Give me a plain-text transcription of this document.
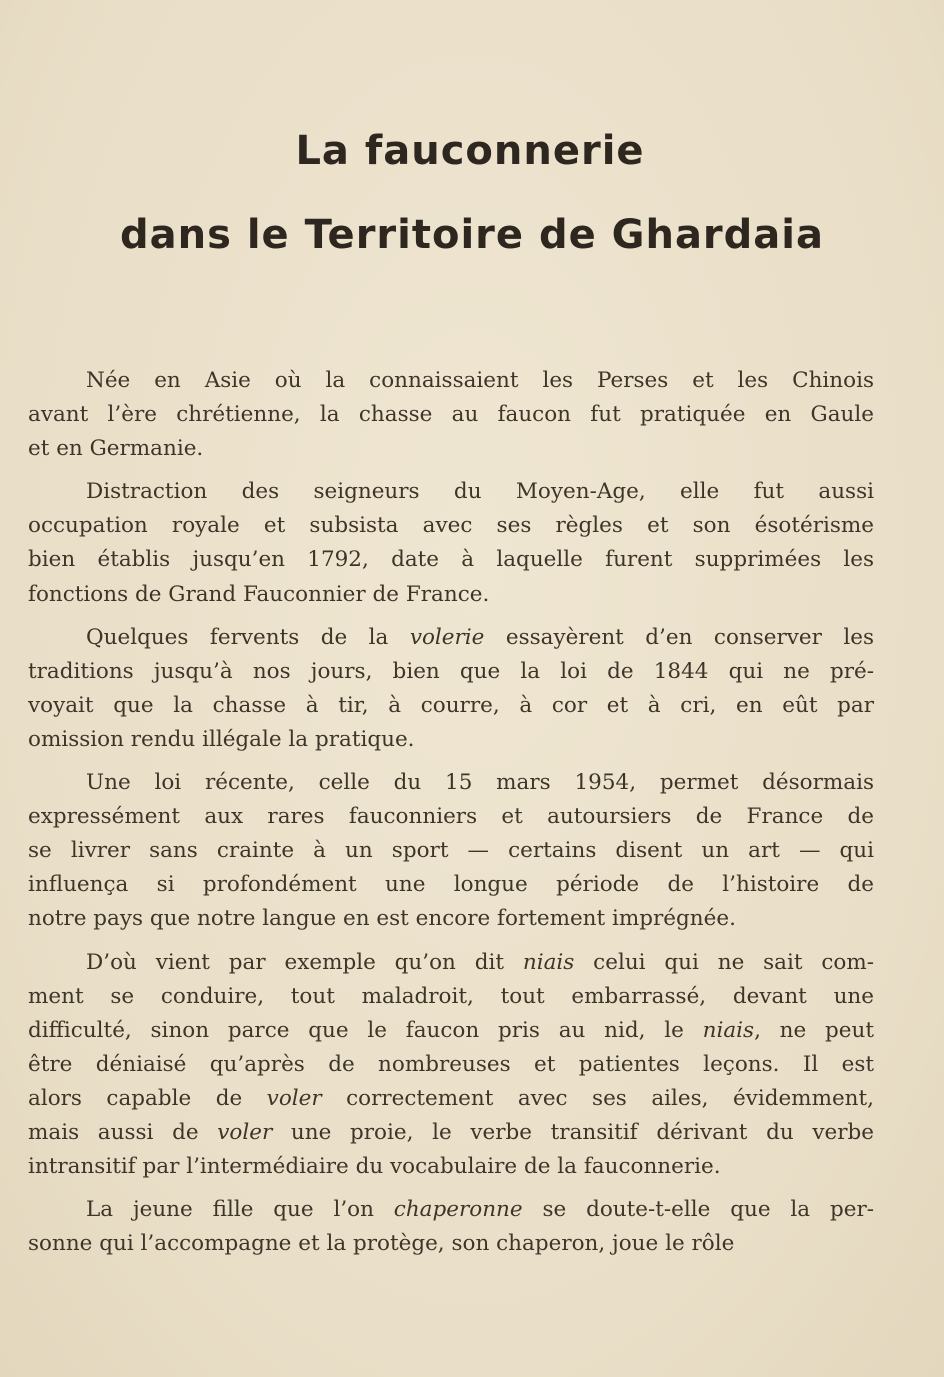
La fauconnerie
dans le Territoire de Ghardaia

Née en Asie où la connaissaient les Perses et les Chinois
avant l’ère chrétienne, la chasse au faucon fut pratiquée en Gaule
et en Germanie.

Distraction des seigneurs du Moyen-Age, elle fut aussi
occupation royale et subsista avec ses règles et son ésotérisme
bien établis jusqu’en 1792, date à laquelle furent supprimées les
fonctions de Grand Fauconnier de France.

Quelques fervents de la volerie essayèrent d’en conserver les
traditions jusqu’à nos jours, bien que la loi de 1844 qui ne pré-
voyait que la chasse à tir, à courre, à cor et à cri, en eût par
omission rendu illégale la pratique.

Une loi récente, celle du 15 mars 1954, permet désormais
expressément aux rares fauconniers et autoursiers de France de
se livrer sans crainte à un sport — certains disent un art — qui
influença si profondément une longue période de l’histoire de
notre pays que notre langue en est encore fortement imprégnée.

D’où vient par exemple qu’on dit niais celui qui ne sait com-
ment se conduire, tout maladroit, tout embarrassé, devant une
difficulté, sinon parce que le faucon pris au nid, le niais, ne peut
être déniaisé qu’après de nombreuses et patientes leçons. Il est
alors capable de voler correctement avec ses ailes, évidemment,
mais aussi de voler une proie, le verbe transitif dérivant du verbe
intransitif par l’intermédiaire du vocabulaire de la fauconnerie.

La jeune fille que l’on chaperonne se doute-t-elle que la per-
sonne qui l’accompagne et la protège, son chaperon, joue le rôle
